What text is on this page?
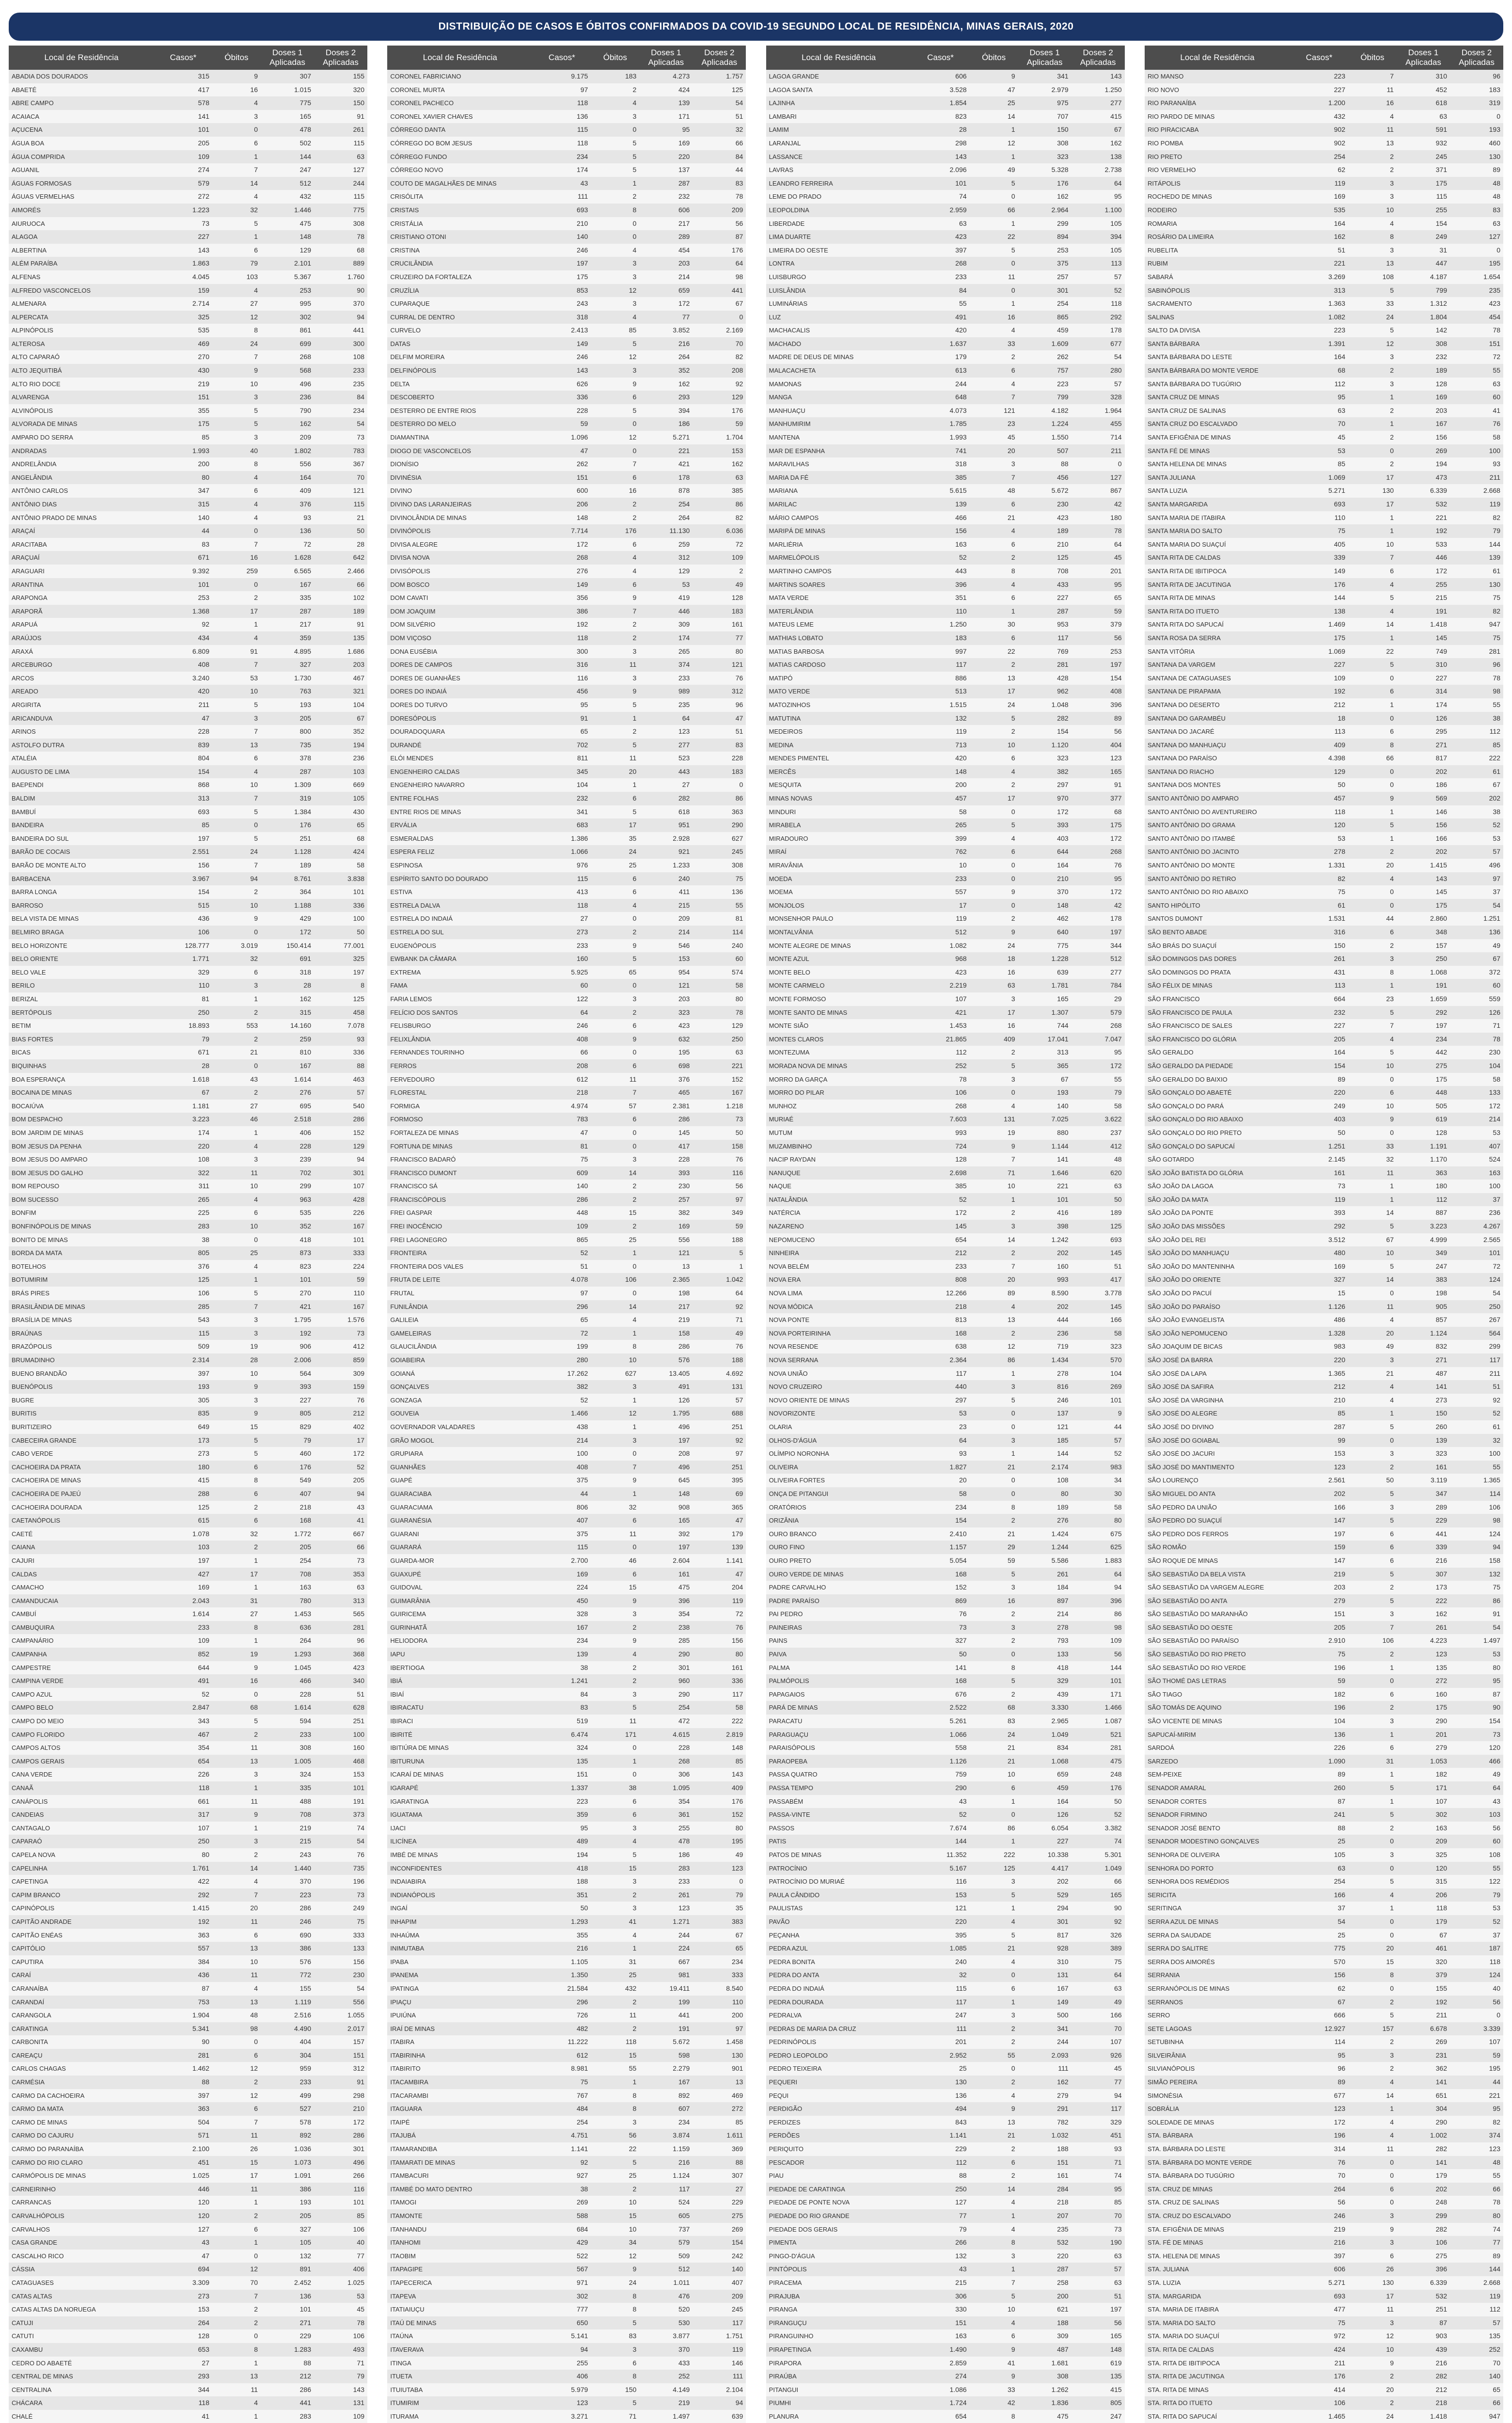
DISTRIBUIÇÃO DE CASOS E ÓBITOS CONFIRMADOS DA COVID-19 SEGUNDO LOCAL DE RESIDÊNCIA, MINAS GERAIS, 2020
Local de Residência	Casos*	Óbitos
Doses 1 Aplicadas
Doses 2 Aplicadas
ABADIA DOS DOURADOS	315	9	307	155
ABAETÉ	417	16	1.015	320
ABRE CAMPO	578	4	775	150
ACAIACA	141	3	165	91
AÇUCENA	101	0	478	261
ÁGUA BOA	205	6	502	115
ÁGUA COMPRIDA	109	1	144	63
AGUANIL	274	7	247	127
ÁGUAS FORMOSAS	579	14	512	244
ÁGUAS VERMELHAS	272	4	432	115
AIMORÉS	1.223	32	1.446	775
AIURUOCA	73	5	475	308
ALAGOA	227	1	148	78
ALBERTINA	143	6	129	68
ALÉM PARAÍBA	1.863	79	2.101	889
ALFENAS	4.045	103	5.367	1.760
ALFREDO VASCONCELOS	159	4	253	90
ALMENARA	2.714	27	995	370
ALPERCATA	325	12	302	94
ALPINÓPOLIS	535	8	861	441
ALTEROSA	469	24	699	300
ALTO CAPARAÓ	270	7	268	108
ALTO JEQUITIBÁ	430	9	568	233
ALTO RIO DOCE	219	10	496	235
ALVARENGA	151	3	236	84
ALVINÓPOLIS	355	5	790	234
ALVORADA DE MINAS	175	5	162	54
AMPARO DO SERRA	85	3	209	73
ANDRADAS	1.993	40	1.802	783
ANDRELÂNDIA	200	8	556	367
ANGELÂNDIA	80	4	164	70
ANTÔNIO CARLOS	347	6	409	121
ANTÔNIO DIAS	315	4	376	115
ANTÔNIO PRADO DE MINAS	140	4	93	21
ARAÇAÍ	44	0	136	50
ARACITABA	83	7	72	28
ARAÇUAÍ	671	16	1.628	642
ARAGUARI	9.392	259	6.565	2.466
ARANTINA	101	0	167	66
ARAPONGA	253	2	335	102
ARAPORÃ	1.368	17	287	189
ARAPUÁ	92	1	217	91
ARAÚJOS	434	4	359	135
ARAXÁ	6.809	91	4.895	1.686
ARCEBURGO	408	7	327	203
ARCOS	3.240	53	1.730	467
AREADO	420	10	763	321
ARGIRITA	211	5	193	104
ARICANDUVA	47	3	205	67
ARINOS	228	7	800	352
ASTOLFO DUTRA	839	13	735	194
ATALÉIA	804	6	378	236
AUGUSTO DE LIMA	154	4	287	103
BAEPENDI	868	10	1.309	669
BALDIM	313	7	319	105
BAMBUÍ	693	5	1.384	430
BANDEIRA	85	0	176	65
BANDEIRA DO SUL	197	5	251	68
BARÃO DE COCAIS	2.551	24	1.128	424
BARÃO DE MONTE ALTO	156	7	189	58
BARBACENA	3.967	94	8.761	3.838
BARRA LONGA	154	2	364	101
BARROSO	515	10	1.188	336
BELA VISTA DE MINAS	436	9	429	100
BELMIRO BRAGA	106	0	172	50
BELO HORIZONTE	128.777	3.019	150.414	77.001
BELO ORIENTE	1.771	32	691	325
BELO VALE	329	6	318	197
BERILO	110	3	28	8
BERIZAL	81	1	162	125
BERTÓPOLIS	250	2	315	458
BETIM	18.893	553	14.160	7.078
BIAS FORTES	79	2	259	93
BICAS	671	21	810	336
BIQUINHAS	28	0	167	88
BOA ESPERANÇA	1.618	43	1.614	463
BOCAINA DE MINAS	67	2	276	57
BOCAIÚVA	1.181	27	695	540
BOM DESPACHO	3.223	46	2.518	286
BOM JARDIM DE MINAS	174	1	406	152
BOM JESUS DA PENHA	220	4	228	129
BOM JESUS DO AMPARO	108	3	239	94
BOM JESUS DO GALHO	322	11	702	301
BOM REPOUSO	311	10	299	107
BOM SUCESSO	265	4	963	428
BONFIM	225	6	535	226
BONFINÓPOLIS DE MINAS	283	10	352	167
BONITO DE MINAS	38	0	418	101
BORDA DA MATA	805	25	873	333
BOTELHOS	376	4	823	224
BOTUMIRIM	125	1	101	59
BRÁS PIRES	106	5	270	110
BRASILÂNDIA DE MINAS	285	7	421	167
BRASÍLIA DE MINAS	543	3	1.795	1.576
BRAÚNAS	115	3	192	73
BRAZÓPOLIS	509	19	906	412
BRUMADINHO	2.314	28	2.006	859
BUENO BRANDÃO	397	10	564	309
BUENÓPOLIS	193	9	393	159
BUGRE	305	3	227	76
BURITIS	835	9	805	212
BURITIZEIRO	649	15	829	402
CABECEIRA GRANDE	173	5	79	17
CABO VERDE	273	5	460	172
CACHOEIRA DA PRATA	180	6	176	52
CACHOEIRA DE MINAS	415	8	549	205
CACHOEIRA DE PAJEÚ	288	6	407	94
CACHOEIRA DOURADA	125	2	218	43
CAETANÓPOLIS	615	6	168	41
CAETÉ	1.078	32	1.772	667
CAIANA	103	2	205	66
CAJURI	197	1	254	73
CALDAS	427	17	708	353
CAMACHO	169	1	163	63
CAMANDUCAIA	2.043	31	780	313
CAMBUÍ	1.614	27	1.453	565
CAMBUQUIRA	233	8	636	281
CAMPANÁRIO	109	1	264	96
CAMPANHA	852	19	1.293	368
CAMPESTRE	644	9	1.045	423
CAMPINA VERDE	491	16	466	340
CAMPO AZUL	52	0	228	51
CAMPO BELO	2.847	68	1.614	628
CAMPO DO MEIO	343	5	594	251
CAMPO FLORIDO	467	2	233	100
CAMPOS ALTOS	354	11	308	160
CAMPOS GERAIS	654	13	1.005	468
CANA VERDE	226	3	324	153
CANAÃ	118	1	335	101
CANÁPOLIS	661	11	488	191
CANDEIAS	317	9	708	373
CANTAGALO	107	1	219	74
CAPARAÓ	250	3	215	54
CAPELA NOVA	80	2	243	76
CAPELINHA	1.761	14	1.440	735
CAPETINGA	422	4	370	196
CAPIM BRANCO	292	7	223	73
CAPINÓPOLIS	1.415	20	286	249
CAPITÃO ANDRADE	192	11	246	75
CAPITÃO ENÉAS	363	6	690	333
CAPITÓLIO	557	13	386	133
CAPUTIRA	384	10	576	156
CARAÍ	436	11	772	230
CARANAÍBA	87	4	155	54
CARANDAÍ	753	13	1.119	556
CARANGOLA	1.904	48	2.516	1.055
CARATINGA	5.341	98	4.490	2.017
CARBONITA	90	0	404	157
CAREAÇU	281	6	304	151
CARLOS CHAGAS	1.462	12	959	312
CARMÉSIA	88	2	233	91
CARMO DA CACHOEIRA	397	12	499	298
CARMO DA MATA	363	6	527	210
CARMO DE MINAS	504	7	578	172
CARMO DO CAJURU	571	11	892	286
CARMO DO PARANAÍBA	2.100	26	1.036	301
CARMO DO RIO CLARO	451	15	1.073	496
CARMÓPOLIS DE MINAS	1.025	17	1.091	266
CARNEIRINHO	446	11	386	116
CARRANCAS	120	1	193	101
CARVALHÓPOLIS	120	2	205	85
CARVALHOS	127	6	327	106
CASA GRANDE	43	1	105	40
CASCALHO RICO	47	0	132	77
CÁSSIA	694	12	891	406
CATAGUASES	3.309	70	2.452	1.025
CATAS ALTAS	273	7	136	53
CATAS ALTAS DA NORUEGA	153	2	101	45
CATUJI	264	2	271	78
CATUTI	128	0	229	106
CAXAMBU	653	8	1.283	493
CEDRO DO ABAETÉ	27	1	88	71
CENTRAL DE MINAS	293	13	212	79
CENTRALINA	344	11	286	143
CHÁCARA	118	4	441	131
CHALÉ	41	1	283	109
Local de Residência	Casos*	Óbitos
Doses 1 Aplicadas
Doses 2 Aplicadas
CORONEL FABRICIANO	9.175	183	4.273	1.757
CORONEL MURTA	97	2	424	125
CORONEL PACHECO	118	4	139	54
CORONEL XAVIER CHAVES	136	3	171	51
CÓRREGO DANTA	115	0	95	32
CÓRREGO DO BOM JESUS	118	5	169	66
CÓRREGO FUNDO	234	5	220	84
CÓRREGO NOVO	174	5	137	44
COUTO DE MAGALHÃES DE MINAS	43	1	287	83
CRISÓLITA	111	2	232	78
CRISTAIS	693	8	606	209
CRISTÁLIA	210	0	217	56
CRISTIANO OTONI	140	0	289	87
CRISTINA	246	4	454	176
CRUCILÂNDIA	197	3	203	64
CRUZEIRO DA FORTALEZA	175	3	214	98
CRUZÍLIA	853	12	659	441
CUPARAQUE	243	3	172	67
CURRAL DE DENTRO	318	4	77	0
CURVELO	2.413	85	3.852	2.169
DATAS	149	5	216	70
DELFIM MOREIRA	246	12	264	82
DELFINÓPOLIS	143	3	352	208
DELTA	626	9	162	92
DESCOBERTO	336	6	293	129
DESTERRO DE ENTRE RIOS	228	5	394	176
DESTERRO DO MELO	59	0	186	59
DIAMANTINA	1.096	12	5.271	1.704
DIOGO DE VASCONCELOS	47	0	221	153
DIONÍSIO	262	7	421	162
DIVINÉSIA	151	6	178	63
DIVINO	600	16	878	385
DIVINO DAS LARANJEIRAS	206	2	254	86
DIVINOLÂNDIA DE MINAS	148	2	264	82
DIVINÓPOLIS	7.714	176	11.130	6.036
DIVISA ALEGRE	172	6	259	72
DIVISA NOVA	268	4	312	109
DIVISÓPOLIS	276	4	129	2
DOM BOSCO	149	6	53	49
DOM CAVATI	356	9	419	128
DOM JOAQUIM	386	7	446	183
DOM SILVÉRIO	192	2	309	161
DOM VIÇOSO	118	2	174	77
DONA EUSÉBIA	300	3	265	80
DORES DE CAMPOS	316	11	374	121
DORES DE GUANHÃES	116	3	233	76
DORES DO INDAIÁ	456	9	989	312
DORES DO TURVO	95	5	235	96
DORESÓPOLIS	91	1	64	47
DOURADOQUARA	65	2	123	51
DURANDÉ	702	5	277	83
ELÓI MENDES	811	11	523	228
ENGENHEIRO CALDAS	345	20	443	183
ENGENHEIRO NAVARRO	104	1	27	0
ENTRE FOLHAS	232	6	282	86
ENTRE RIOS DE MINAS	341	5	618	363
ERVÁLIA	683	17	951	290
ESMERALDAS	1.386	35	2.928	627
ESPERA FELIZ	1.066	24	921	245
ESPINOSA	976	25	1.233	308
ESPÍRITO SANTO DO DOURADO	115	6	240	75
ESTIVA	413	6	411	136
ESTRELA DALVA	118	4	215	55
ESTRELA DO INDAIÁ	27	0	209	81
ESTRELA DO SUL	273	2	214	114
EUGENÓPOLIS	233	9	546	240
EWBANK DA CÂMARA	160	5	153	60
EXTREMA	5.925	65	954	574
FAMA	60	0	121	58
FARIA LEMOS	122	3	203	80
FELÍCIO DOS SANTOS	64	2	323	78
FELISBURGO	246	6	423	129
FELIXLÂNDIA	408	9	632	250
FERNANDES TOURINHO	66	0	195	63
FERROS	208	6	698	221
FERVEDOURO	612	11	376	152
FLORESTAL	218	7	465	167
FORMIGA	4.974	57	2.381	1.218
FORMOSO	783	6	286	73
FORTALEZA DE MINAS	47	0	145	50
FORTUNA DE MINAS	81	0	417	158
FRANCISCO BADARÓ	75	3	228	76
FRANCISCO DUMONT	609	14	393	116
FRANCISCO SÁ	140	2	230	56
FRANCISCÓPOLIS	286	2	257	97
FREI GASPAR	448	15	382	349
FREI INOCÊNCIO	109	2	169	59
FREI LAGONEGRO	865	25	556	188
FRONTEIRA	52	1	121	5
FRONTEIRA DOS VALES	51	0	13	1
FRUTA DE LEITE	4.078	106	2.365	1.042
FRUTAL	97	0	198	64
FUNILÂNDIA	296	14	217	92
GALILEIA	65	4	219	71
GAMELEIRAS	72	1	158	49
GLAUCILÂNDIA	199	8	286	76
GOIABEIRA	280	10	576	188
GOIANÁ	17.262	627	13.405	4.692
GONÇALVES	382	3	491	131
GONZAGA	52	1	126	57
GOUVEIA	1.466	12	1.795	688
GOVERNADOR VALADARES	438	1	496	251
GRÃO MOGOL	214	3	197	92
GRUPIARA	100	0	208	97
GUANHÃES	408	7	496	251
GUAPÉ	375	9	645	395
GUARACIABA	44	1	148	69
GUARACIAMA	806	32	908	365
GUARANÉSIA	407	6	165	47
GUARANI	375	11	392	179
GUARARÁ	115	0	197	139
GUARDA-MOR	2.700	46	2.604	1.141
GUAXUPÉ	169	6	161	47
GUIDOVAL	224	15	475	204
GUIMARÂNIA	450	9	396	119
GUIRICEMA	328	3	354	72
GURINHATÃ	167	2	238	76
HELIODORA	234	9	285	156
IAPU	139	4	290	80
IBERTIOGA	38	2	301	161
IBIÁ	1.241	2	960	336
IBIAÍ	84	3	290	117
IBIRACATU	83	5	254	58
IBIRACI	519	11	472	222
IBIRITÉ	6.474	171	4.615	2.819
IBITIÚRA DE MINAS	324	0	228	148
IBITURUNA	135	1	268	85
ICARAÍ DE MINAS	151	0	306	143
IGARAPÉ	1.337	38	1.095	409
IGARATINGA	223	6	354	176
IGUATAMA	359	6	361	152
IJACI	95	3	255	80
ILICÍNEA	489	4	478	195
IMBÉ DE MINAS	194	5	186	49
INCONFIDENTES	418	15	283	123
INDAIABIRA	188	3	233	0
INDIANÓPOLIS	351	2	261	79
INGAÍ	50	3	123	35
INHAPIM	1.293	41	1.271	383
INHAÚMA	355	4	244	67
INIMUTABA	216	1	224	65
IPABA	1.105	31	667	234
IPANEMA	1.350	25	981	333
IPATINGA	21.584	432	19.411	8.540
IPIAÇU	296	2	199	110
IPUIÚNA	726	11	441	200
IRAÍ DE MINAS	482	2	191	97
ITABIRA	11.222	118	5.672	1.458
ITABIRINHA	612	15	598	130
ITABIRITO	8.981	55	2.279	901
ITACAMBIRA	75	1	167	13
ITACARAMBI	767	8	892	469
ITAGUARA	484	8	607	272
ITAIPÉ	254	3	234	85
ITAJUBÁ	4.751	56	3.874	1.611
ITAMARANDIBA	1.141	22	1.159	369
ITAMARATI DE MINAS	92	5	216	88
ITAMBACURI	927	25	1.124	307
ITAMBÉ DO MATO DENTRO	38	2	117	27
ITAMOGI	269	10	524	229
ITAMONTE	588	15	605	275
ITANHANDU	684	10	737	269
ITANHOMI	429	34	579	154
ITAOBIM	522	12	509	242
ITAPAGIPE	567	9	512	140
ITAPECERICA	971	24	1.011	407
ITAPEVA	302	8	476	209
ITATIAIUÇU	777	8	520	245
ITAÚ DE MINAS	650	5	530	117
ITAÚNA	5.141	83	3.877	1.751
ITAVERAVA	94	3	370	119
ITINGA	255	6	433	146
ITUETA	406	8	252	111
ITUIUTABA	5.979	150	4.149	2.104
ITUMIRIM	123	5	219	94
ITURAMA	3.271	71	1.497	639
Local de Residência	Casos*	Óbitos
Doses 1 Aplicadas
Doses 2 Aplicadas
LAGOA GRANDE	606	9	341	143
LAGOA SANTA	3.528	47	2.979	1.250
LAJINHA	1.854	25	975	277
LAMBARI	823	14	707	415
LAMIM	28	1	150	67
LARANJAL	298	12	308	162
LASSANCE	143	1	323	138
LAVRAS	2.096	49	5.328	2.738
LEANDRO FERREIRA	101	5	176	64
LEME DO PRADO	74	0	162	95
LEOPOLDINA	2.959	66	2.964	1.100
LIBERDADE	63	1	299	105
LIMA DUARTE	423	22	894	394
LIMEIRA DO OESTE	397	5	253	105
LONTRA	268	0	375	113
LUISBURGO	233	11	257	57
LUISLÂNDIA	84	0	301	52
LUMINÁRIAS	55	1	254	118
LUZ	491	16	865	292
MACHACALIS	420	4	459	178
MACHADO	1.637	33	1.609	677
MADRE DE DEUS DE MINAS	179	2	262	54
MALACACHETA	613	6	757	280
MAMONAS	244	4	223	57
MANGA	648	7	799	328
MANHUAÇU	4.073	121	4.182	1.964
MANHUMIRIM	1.785	23	1.224	455
MANTENA	1.993	45	1.550	714
MAR DE ESPANHA	741	20	507	211
MARAVILHAS	318	3	88	0
MARIA DA FÉ	385	7	456	127
MARIANA	5.615	48	5.672	867
MARILAC	139	6	230	42
MÁRIO CAMPOS	466	21	423	180
MARIPÁ DE MINAS	156	4	189	78
MARLIÉRIA	163	6	210	64
MARMELÓPOLIS	52	2	125	45
MARTINHO CAMPOS	443	8	708	201
MARTINS SOARES	396	4	433	95
MATA VERDE	351	6	227	65
MATERLÂNDIA	110	1	287	59
MATEUS LEME	1.250	30	953	379
MATHIAS LOBATO	183	6	117	56
MATIAS BARBOSA	997	22	769	253
MATIAS CARDOSO	117	2	281	197
MATIPÓ	886	13	428	154
MATO VERDE	513	17	962	408
MATOZINHOS	1.515	24	1.048	396
MATUTINA	132	5	282	89
MEDEIROS	119	2	154	56
MEDINA	713	10	1.120	404
MENDES PIMENTEL	420	6	323	123
MERCÊS	148	4	382	165
MESQUITA	200	2	297	91
MINAS NOVAS	457	17	970	377
MINDURI	58	0	172	68
MIRABELA	265	5	393	175
MIRADOURO	399	4	403	172
MIRAÍ	762	6	644	268
MIRAVÂNIA	10	0	164	76
MOEDA	233	0	210	95
MOEMA	557	9	370	172
MONJOLOS	17	0	148	42
MONSENHOR PAULO	119	2	462	178
MONTALVÂNIA	512	9	640	197
MONTE ALEGRE DE MINAS	1.082	24	775	344
MONTE AZUL	968	18	1.228	512
MONTE BELO	423	16	639	277
MONTE CARMELO	2.219	63	1.781	784
MONTE FORMOSO	107	3	165	29
MONTE SANTO DE MINAS	421	17	1.307	579
MONTE SIÃO	1.453	16	744	268
MONTES CLAROS	21.865	409	17.041	7.047
MONTEZUMA	112	2	313	95
MORADA NOVA DE MINAS	252	5	365	172
MORRO DA GARÇA	78	3	67	55
MORRO DO PILAR	106	0	193	79
MUNHOZ	268	4	140	58
MURIAÉ	7.603	131	7.025	3.622
MUTUM	993	19	880	237
MUZAMBINHO	724	9	1.144	412
NACIP RAYDAN	128	7	141	48
NANUQUE	2.698	71	1.646	620
NAQUE	385	10	221	63
NATALÂNDIA	52	1	101	50
NATÉRCIA	172	2	416	189
NAZARENO	145	3	398	125
NEPOMUCENO	654	14	1.242	693
NINHEIRA	212	2	202	145
NOVA BELÉM	233	7	160	51
NOVA ERA	808	20	993	417
NOVA LIMA	12.266	89	8.590	3.778
NOVA MÓDICA	218	4	202	145
NOVA PONTE	813	13	444	166
NOVA PORTEIRINHA	168	2	236	58
NOVA RESENDE	638	12	719	323
NOVA SERRANA	2.364	86	1.434	570
NOVA UNIÃO	117	1	278	104
NOVO CRUZEIRO	440	3	816	269
NOVO ORIENTE DE MINAS	297	5	246	101
NOVORIZONTE	53	0	137	9
OLARIA	23	0	121	44
OLHOS-D'ÁGUA	64	3	185	57
OLÍMPIO NORONHA	93	1	144	52
OLIVEIRA	1.827	21	2.174	983
OLIVEIRA FORTES	20	0	108	34
ONÇA DE PITANGUI	58	0	80	30
ORATÓRIOS	234	8	189	58
ORIZÂNIA	154	2	276	80
OURO BRANCO	2.410	21	1.424	675
OURO FINO	1.157	29	1.244	625
OURO PRETO	5.054	59	5.586	1.883
OURO VERDE DE MINAS	168	5	261	64
PADRE CARVALHO	152	3	184	94
PADRE PARAÍSO	869	16	897	396
PAI PEDRO	76	2	214	86
PAINEIRAS	73	3	278	98
PAINS	327	2	793	109
PAIVA	50	0	133	56
PALMA	141	8	418	144
PALMÓPOLIS	168	5	329	101
PAPAGAIOS	676	2	439	171
PARÁ DE MINAS	2.522	68	3.330	1.466
PARACATU	5.261	83	2.965	1.087
PARAGUAÇU	1.066	24	1.049	521
PARAISÓPOLIS	558	21	834	281
PARAOPEBA	1.126	21	1.068	475
PASSA QUATRO	759	10	659	248
PASSA TEMPO	290	6	459	176
PASSABÉM	43	1	164	50
PASSA-VINTE	52	0	126	52
PASSOS	7.674	86	6.054	3.382
PATIS	144	1	227	74
PATOS DE MINAS	11.352	222	10.338	5.301
PATROCÍNIO	5.167	125	4.417	1.049
PATROCÍNIO DO MURIAÉ	116	3	202	66
PAULA CÂNDIDO	153	5	529	165
PAULISTAS	121	1	294	90
PAVÃO	220	4	301	92
PEÇANHA	395	5	817	326
PEDRA AZUL	1.085	21	928	389
PEDRA BONITA	240	4	310	75
PEDRA DO ANTA	32	0	131	64
PEDRA DO INDAIÁ	115	6	167	63
PEDRA DOURADA	117	1	149	49
PEDRALVA	247	3	500	166
PEDRAS DE MARIA DA CRUZ	111	2	341	70
PEDRINÓPOLIS	201	2	244	107
PEDRO LEOPOLDO	2.952	55	2.093	926
PEDRO TEIXEIRA	25	0	111	45
PEQUERI	130	2	162	77
PEQUI	136	4	279	94
PERDIGÃO	494	9	291	117
PERDIZES	843	13	782	329
PERDÕES	1.141	21	1.032	451
PERIQUITO	229	2	188	93
PESCADOR	112	6	151	71
PIAU	88	2	161	74
PIEDADE DE CARATINGA	250	14	284	95
PIEDADE DE PONTE NOVA	127	4	218	85
PIEDADE DO RIO GRANDE	77	1	207	70
PIEDADE DOS GERAIS	79	4	235	73
PIMENTA	266	8	532	190
PINGO-D'ÁGUA	132	3	220	63
PINTÓPOLIS	43	1	287	57
PIRACEMA	215	7	258	63
PIRAJUBA	306	5	200	51
PIRANGA	330	10	621	197
PIRANGUÇU	151	4	188	56
PIRANGUINHO	163	6	309	165
PIRAPETINGA	1.490	9	487	148
PIRAPORA	2.859	41	1.681	619
PIRAÚBA	274	9	308	135
PITANGUI	1.086	33	1.262	415
PIUMHI	1.724	42	1.836	805
PLANURA	654	8	475	247
Local de Residência	Casos*	Óbitos
Doses 1 Aplicadas
Doses 2 Aplicadas
RIO MANSO	223	7	310	96
RIO NOVO	227	11	452	183
RIO PARANAÍBA	1.200	16	618	319
RIO PARDO DE MINAS	432	4	63	0
RIO PIRACICABA	902	11	591	193
RIO POMBA	902	13	932	460
RIO PRETO	254	2	245	130
RIO VERMELHO	62	2	371	89
RITÁPOLIS	119	3	175	48
ROCHEDO DE MINAS	169	3	115	48
RODEIRO	535	10	255	83
ROMARIA	164	4	154	63
ROSÁRIO DA LIMEIRA	162	8	249	127
RUBELITA	51	3	31	0
RUBIM	221	13	447	195
SABARÁ	3.269	108	4.187	1.654
SABINÓPOLIS	313	5	799	235
SACRAMENTO	1.363	33	1.312	423
SALINAS	1.082	24	1.804	454
SALTO DA DIVISA	223	5	142	78
SANTA BÁRBARA	1.391	12	308	151
SANTA BÁRBARA DO LESTE	164	3	232	72
SANTA BÁRBARA DO MONTE VERDE	68	2	189	55
SANTA BÁRBARA DO TUGÚRIO	112	3	128	63
SANTA CRUZ DE MINAS	95	1	169	60
SANTA CRUZ DE SALINAS	63	2	203	41
SANTA CRUZ DO ESCALVADO	70	1	167	76
SANTA EFIGÊNIA DE MINAS	45	2	156	58
SANTA FÉ DE MINAS	53	0	269	100
SANTA HELENA DE MINAS	85	2	194	93
SANTA JULIANA	1.069	17	473	211
SANTA LUZIA	5.271	130	6.339	2.668
SANTA MARGARIDA	693	17	532	119
SANTA MARIA DE ITABIRA	110	1	221	82
SANTA MARIA DO SALTO	75	1	192	79
SANTA MARIA DO SUAÇUÍ	405	10	533	144
SANTA RITA DE CALDAS	339	7	446	139
SANTA RITA DE IBITIPOCA	149	6	172	61
SANTA RITA DE JACUTINGA	176	4	255	130
SANTA RITA DE MINAS	144	5	215	75
SANTA RITA DO ITUETO	138	4	191	82
SANTA RITA DO SAPUCAÍ	1.469	14	1.418	947
SANTA ROSA DA SERRA	175	1	145	75
SANTA VITÓRIA	1.069	22	749	281
SANTANA DA VARGEM	227	5	310	96
SANTANA DE CATAGUASES	109	0	227	78
SANTANA DE PIRAPAMA	192	6	314	98
SANTANA DO DESERTO	212	1	174	55
SANTANA DO GARAMBÉU	18	0	126	38
SANTANA DO JACARÉ	113	6	295	112
SANTANA DO MANHUAÇU	409	8	271	85
SANTANA DO PARAÍSO	4.398	66	817	222
SANTANA DO RIACHO	129	0	202	61
SANTANA DOS MONTES	50	0	186	67
SANTO ANTÔNIO DO AMPARO	457	9	569	202
SANTO ANTÔNIO DO AVENTUREIRO	118	1	146	38
SANTO ANTÔNIO DO GRAMA	120	5	156	52
SANTO ANTÔNIO DO ITAMBÉ	53	1	166	53
SANTO ANTÔNIO DO JACINTO	278	2	202	57
SANTO ANTÔNIO DO MONTE	1.331	20	1.415	496
SANTO ANTÔNIO DO RETIRO	82	4	143	97
SANTO ANTÔNIO DO RIO ABAIXO	75	0	145	37
SANTO HIPÓLITO	61	0	175	54
SANTOS DUMONT	1.531	44	2.860	1.251
SÃO BENTO ABADE	316	6	348	136
SÃO BRÁS DO SUAÇUÍ	150	2	157	49
SÃO DOMINGOS DAS DORES	261	3	250	67
SÃO DOMINGOS DO PRATA	431	8	1.068	372
SÃO FÉLIX DE MINAS	113	1	191	60
SÃO FRANCISCO	664	23	1.659	559
SÃO FRANCISCO DE PAULA	232	5	292	126
SÃO FRANCISCO DE SALES	227	7	197	71
SÃO FRANCISCO DO GLÓRIA	205	4	234	78
SÃO GERALDO	164	5	442	230
SÃO GERALDO DA PIEDADE	154	10	275	104
SÃO GERALDO DO BAIXIO	89	0	175	58
SÃO GONÇALO DO ABAETÉ	220	6	448	133
SÃO GONÇALO DO PARÁ	249	10	505	172
SÃO GONÇALO DO RIO ABAIXO	403	9	619	214
SÃO GONÇALO DO RIO PRETO	50	0	128	53
SÃO GONÇALO DO SAPUCAÍ	1.251	33	1.191	407
SÃO GOTARDO	2.145	32	1.170	524
SÃO JOÃO BATISTA DO GLÓRIA	161	11	363	163
SÃO JOÃO DA LAGOA	73	1	180	100
SÃO JOÃO DA MATA	119	1	112	37
SÃO JOÃO DA PONTE	393	14	887	236
SÃO JOÃO DAS MISSÕES	292	5	3.223	4.267
SÃO JOÃO DEL REI	3.512	67	4.999	2.565
SÃO JOÃO DO MANHUAÇU	480	10	349	101
SÃO JOÃO DO MANTENINHA	169	5	247	72
SÃO JOÃO DO ORIENTE	327	14	383	124
SÃO JOÃO DO PACUÍ	15	0	198	54
SÃO JOÃO DO PARAÍSO	1.126	11	905	250
SÃO JOÃO EVANGELISTA	486	4	857	267
SÃO JOÃO NEPOMUCENO	1.328	20	1.124	564
SÃO JOAQUIM DE BICAS	983	49	832	299
SÃO JOSÉ DA BARRA	220	3	271	117
SÃO JOSÉ DA LAPA	1.365	21	487	211
SÃO JOSÉ DA SAFIRA	212	4	141	51
SÃO JOSÉ DA VARGINHA	210	4	273	92
SÃO JOSÉ DO ALEGRE	85	1	150	52
SÃO JOSÉ DO DIVINO	287	5	260	61
SÃO JOSÉ DO GOIABAL	99	0	139	32
SÃO JOSÉ DO JACURI	153	3	323	100
SÃO JOSÉ DO MANTIMENTO	123	2	161	55
SÃO LOURENÇO	2.561	50	3.119	1.365
SÃO MIGUEL DO ANTA	202	5	347	114
SÃO PEDRO DA UNIÃO	166	3	289	106
SÃO PEDRO DO SUAÇUÍ	147	5	229	98
SÃO PEDRO DOS FERROS	197	6	441	124
SÃO ROMÃO	159	6	339	94
SÃO ROQUE DE MINAS	147	6	216	158
SÃO SEBASTIÃO DA BELA VISTA	219	5	307	132
SÃO SEBASTIÃO DA VARGEM ALEGRE	203	2	173	75
SÃO SEBASTIÃO DO ANTA	279	5	222	86
SÃO SEBASTIÃO DO MARANHÃO	151	3	162	91
SÃO SEBASTIÃO DO OESTE	205	7	261	54
SÃO SEBASTIÃO DO PARAÍSO	2.910	106	4.223	1.497
SÃO SEBASTIÃO DO RIO PRETO	75	2	123	53
SÃO SEBASTIÃO DO RIO VERDE	196	1	135	80
SÃO THOMÉ DAS LETRAS	59	0	272	95
SÃO TIAGO	182	6	160	87
SÃO TOMÁS DE AQUINO	196	2	175	90
SÃO VICENTE DE MINAS	104	3	290	154
SAPUCAÍ-MIRIM	136	1	201	73
SARDOÁ	226	6	279	120
SARZEDO	1.090	31	1.053	466
SEM-PEIXE	89	1	182	49
SENADOR AMARAL	260	5	171	64
SENADOR CORTES	87	1	107	43
SENADOR FIRMINO	241	5	302	103
SENADOR JOSÉ BENTO	88	2	163	56
SENADOR MODESTINO GONÇALVES	25	0	209	60
SENHORA DE OLIVEIRA	105	3	325	108
SENHORA DO PORTO	63	0	120	55
SENHORA DOS REMÉDIOS	254	5	315	122
SERICITA	166	4	206	79
SERITINGA	37	1	118	53
SERRA AZUL DE MINAS	54	0	179	52
SERRA DA SAUDADE	25	0	67	37
SERRA DO SALITRE	775	20	461	187
SERRA DOS AIMORÉS	570	15	320	118
SERRANIA	156	8	379	124
SERRANÓPOLIS DE MINAS	62	0	155	40
SERRANOS	67	2	192	56
SERRO	666	5	211	0
SETE LAGOAS	12.927	157	6.678	3.339
SETUBINHA	114	2	269	107
SILVEIRÂNIA	95	3	231	59
SILVIANÓPOLIS	96	2	362	195
SIMÃO PEREIRA	89	4	141	44
SIMONÉSIA	677	14	651	221
SOBRÁLIA	123	1	304	95
SOLEDADE DE MINAS	172	4	290	82
STA. BÁRBARA	196	4	1.002	374
STA. BÁRBARA DO LESTE	314	11	282	123
STA. BÁRBARA DO MONTE VERDE	76	0	141	48
STA. BÁRBARA DO TUGÚRIO	70	0	179	55
STA. CRUZ DE MINAS	264	6	202	66
STA. CRUZ DE SALINAS	56	0	248	78
STA. CRUZ DO ESCALVADO	246	3	299	80
STA. EFIGÊNIA DE MINAS	219	9	282	74
STA. FÉ DE MINAS	216	3	106	77
STA. HELENA DE MINAS	397	6	275	89
STA. JULIANA	606	26	396	144
STA. LUZIA	5.271	130	6.339	2.668
STA. MARGARIDA	693	17	532	119
STA. MARIA DE ITABIRA	477	11	251	112
STA. MARIA DO SALTO	75	3	87	57
STA. MARIA DO SUAÇUÍ	972	12	903	135
STA. RITA DE CALDAS	424	10	439	252
STA. RITA DE IBITIPOCA	211	9	216	70
STA. RITA DE JACUTINGA	176	2	282	140
STA. RITA DE MINAS	414	20	212	65
STA. RITA DO ITUETO	106	2	218	66
STA. RITA DO SAPUCAÍ	1.465	24	1.418	947
